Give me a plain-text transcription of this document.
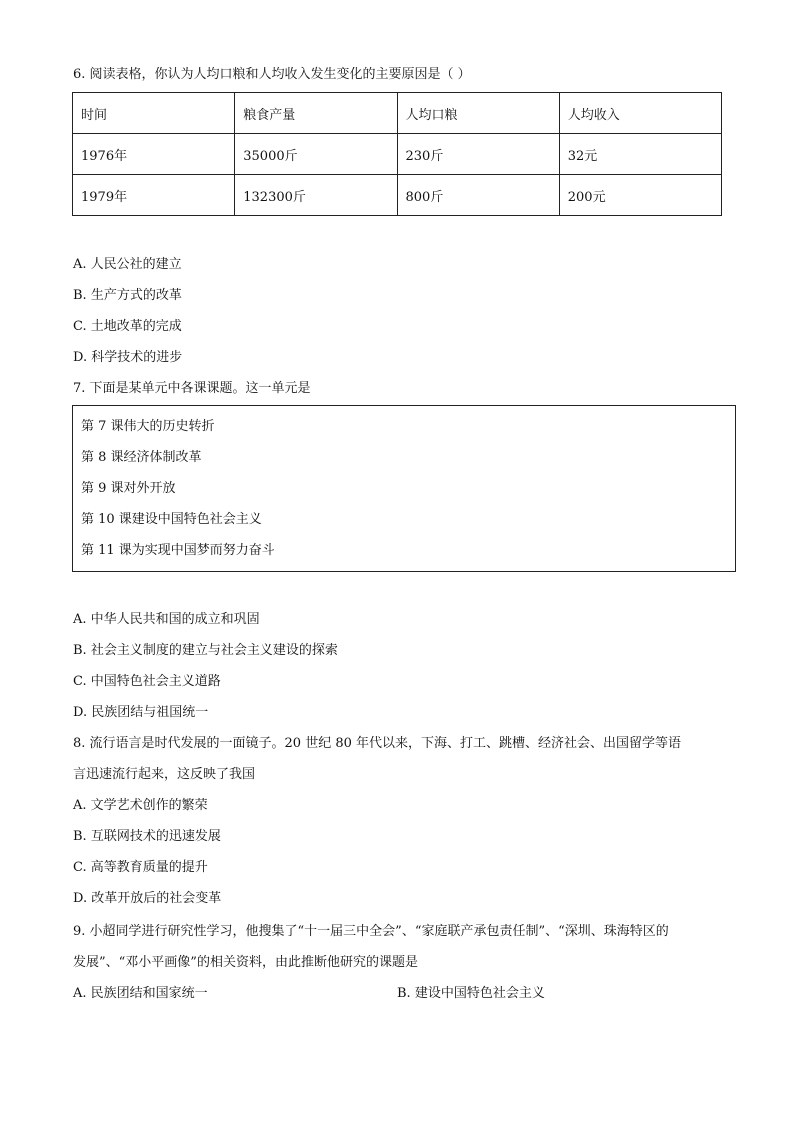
6. 阅读表格，你认为人均口粮和人均收入发生变化的主要原因是（ ）
时间	粮食产量	人均口粮	人均收入
1976年	35000斤	230斤	32元
1979年	132300斤	800斤	200元
A. 人民公社的建立
B. 生产方式的改革
C. 土地改革的完成
D. 科学技术的进步
7. 下面是某单元中各课课题。这一单元是
第 7 课伟大的历史转折
第 8 课经济体制改革
第 9 课对外开放
第 10 课建设中国特色社会主义
第 11 课为实现中国梦而努力奋斗
A. 中华人民共和国的成立和巩固
B. 社会主义制度的建立与社会主义建设的探索
C. 中国特色社会主义道路
D. 民族团结与祖国统一
8. 流行语言是时代发展的一面镜子。20 世纪 80 年代以来，下海、打工、跳槽、经济社会、出国留学等语
言迅速流行起来，这反映了我国
A. 文学艺术创作的繁荣
B. 互联网技术的迅速发展
C. 高等教育质量的提升
D. 改革开放后的社会变革
9. 小超同学进行研究性学习，他搜集了“十一届三中全会”、“家庭联产承包责任制”、“深圳、珠海特区的
发展”、“邓小平画像”的相关资料，由此推断他研究的课题是
A. 民族团结和国家统一	B. 建设中国特色社会主义
